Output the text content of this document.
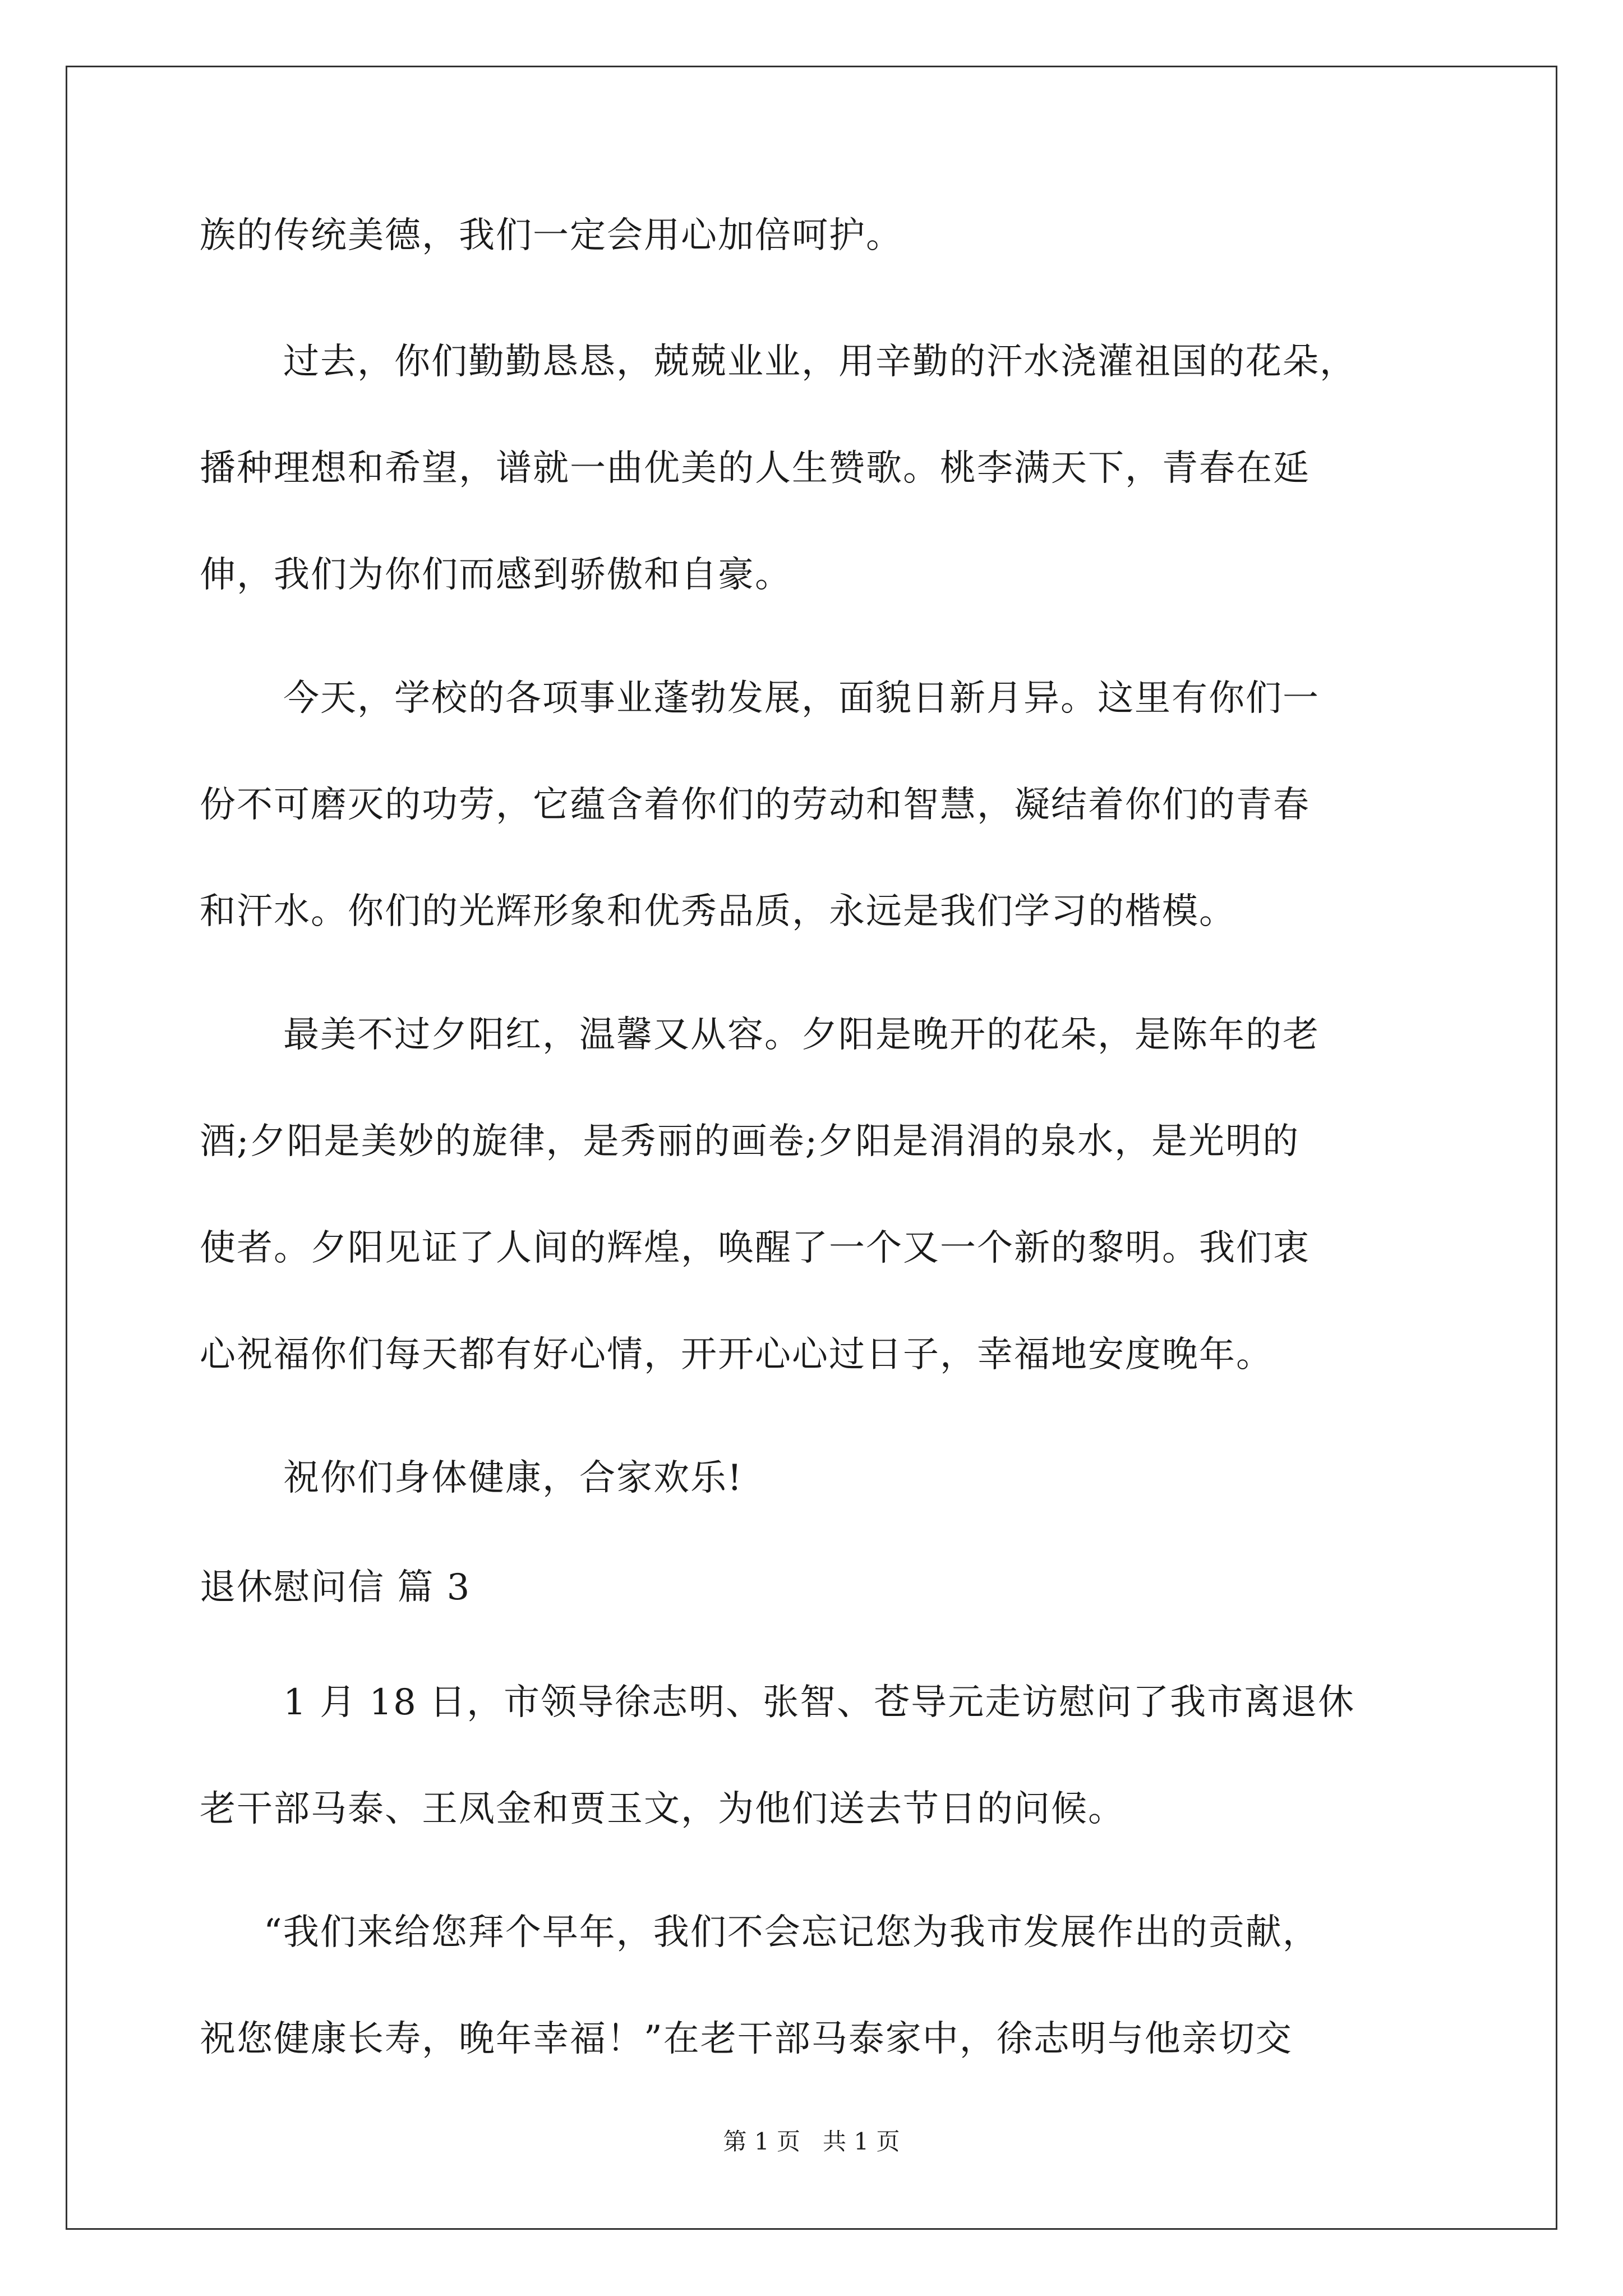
族的传统美德，我们一定会用心加倍呵护。
过去，你们勤勤恳恳，兢兢业业，用辛勤的汗水浇灌祖国的花朵，
播种理想和希望，谱就一曲优美的人生赞歌。桃李满天下，青春在延
伸，我们为你们而感到骄傲和自豪。
今天，学校的各项事业蓬勃发展，面貌日新月异。这里有你们一
份不可磨灭的功劳，它蕴含着你们的劳动和智慧，凝结着你们的青春
和汗水。你们的光辉形象和优秀品质，永远是我们学习的楷模。
最美不过夕阳红，温馨又从容。夕阳是晚开的花朵，是陈年的老
酒;夕阳是美妙的旋律，是秀丽的画卷;夕阳是涓涓的泉水，是光明的
使者。夕阳见证了人间的辉煌，唤醒了一个又一个新的黎明。我们衷
心祝福你们每天都有好心情，开开心心过日子，幸福地安度晚年。
祝你们身体健康，合家欢乐!
退休慰问信 篇 3
1 月 18 日，市领导徐志明、张智、苍导元走访慰问了我市离退休
老干部马泰、王凤金和贾玉文，为他们送去节日的问候。
“我们来给您拜个早年，我们不会忘记您为我市发展作出的贡献，
祝您健康长寿，晚年幸福！”在老干部马泰家中，徐志明与他亲切交
第 1 页   共 1 页
